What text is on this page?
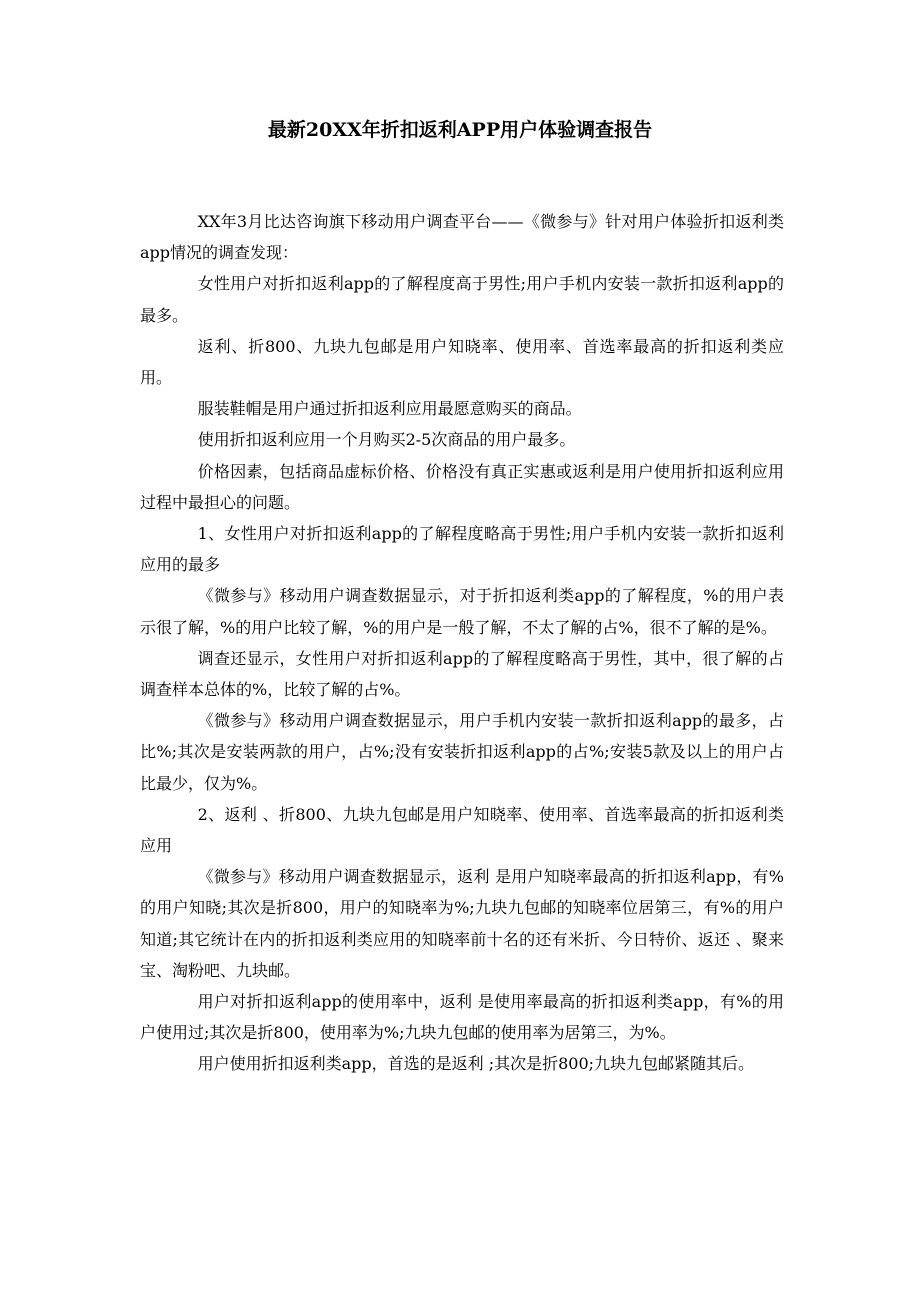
最新20XX年折扣返利APP用户体验调查报告

XX年3月比达咨询旗下移动用户调查平台——《微参与》针对用户体验折扣返利类app情况的调查发现：

女性用户对折扣返利app的了解程度高于男性;用户手机内安装一款折扣返利app的最多。

返利、折800、九块九包邮是用户知晓率、使用率、首选率最高的折扣返利类应用。

服装鞋帽是用户通过折扣返利应用最愿意购买的商品。

使用折扣返利应用一个月购买2-5次商品的用户最多。

价格因素，包括商品虚标价格、价格没有真正实惠或返利是用户使用折扣返利应用过程中最担心的问题。

1、女性用户对折扣返利app的了解程度略高于男性;用户手机内安装一款折扣返利应用的最多

《微参与》移动用户调查数据显示，对于折扣返利类app的了解程度，%的用户表示很了解，%的用户比较了解，%的用户是一般了解，不太了解的占%，很不了解的是%。

调查还显示，女性用户对折扣返利app的了解程度略高于男性，其中，很了解的占调查样本总体的%，比较了解的占%。

《微参与》移动用户调查数据显示，用户手机内安装一款折扣返利app的最多，占比%;其次是安装两款的用户，占%;没有安装折扣返利app的占%;安装5款及以上的用户占比最少，仅为%。

2、返利 、折800、九块九包邮是用户知晓率、使用率、首选率最高的折扣返利类应用

《微参与》移动用户调查数据显示，返利 是用户知晓率最高的折扣返利app，有%的用户知晓;其次是折800，用户的知晓率为%;九块九包邮的知晓率位居第三，有%的用户知道;其它统计在内的折扣返利类应用的知晓率前十名的还有米折、今日特价、返还 、聚来宝、淘粉吧、九块邮。

用户对折扣返利app的使用率中，返利 是使用率最高的折扣返利类app，有%的用户使用过;其次是折800，使用率为%;九块九包邮的使用率为居第三，为%。

用户使用折扣返利类app，首选的是返利 ;其次是折800;九块九包邮紧随其后。
